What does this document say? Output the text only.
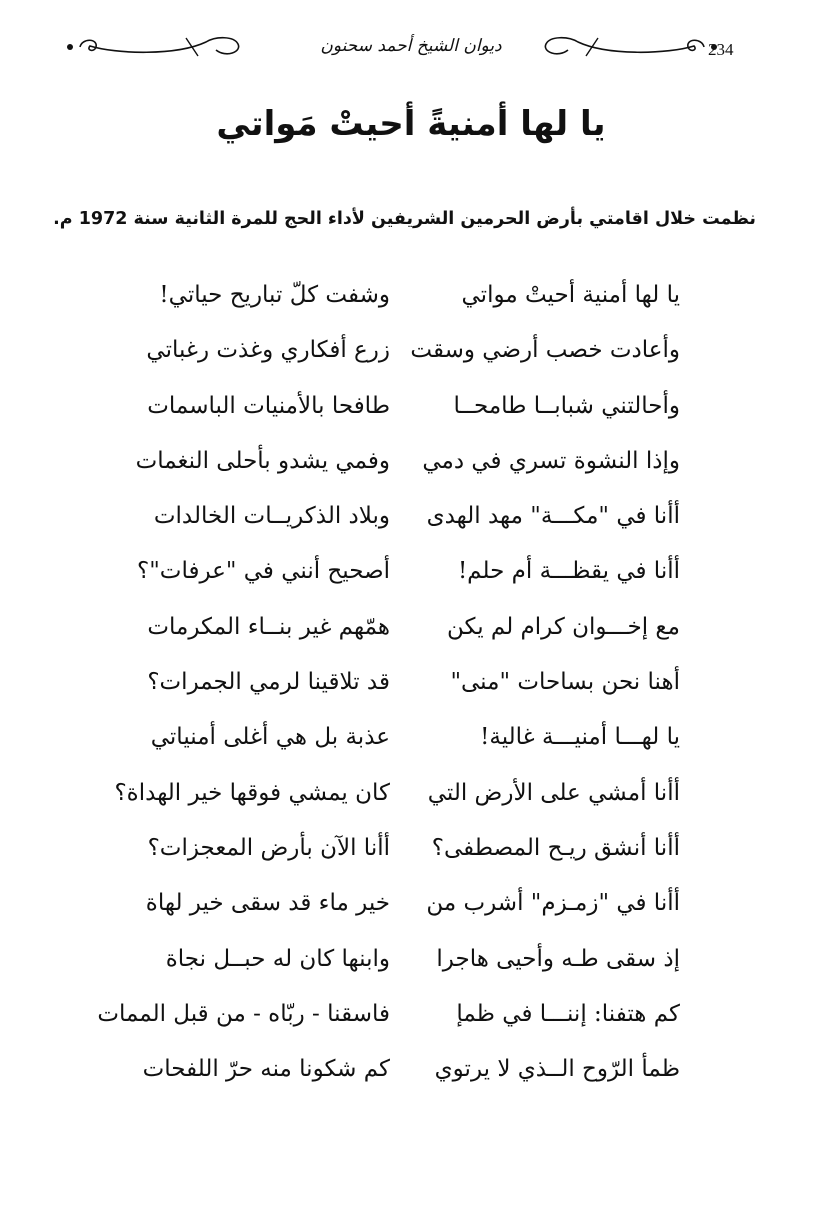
ديوان الشيخ أحمد سحنون	234
يا لها أمنيةً أحيتْ مَواتي
نظمت خلال اقامتي بأرض الحرمين الشريفين لأداء الحج للمرة الثانية سنة 1972 م.
يا لها أمنية أحيتْ مواتي
وشفت كلّ تباريح حياتي!
وأعادت خصب أرضي وسقت
زرع أفكاري وغذت رغباتي
وأحالتني شبابــا طامحــا
طافحا بالأمنيات الباسمات
وإذا النشوة تسري في دمي
وفمي يشدو بأحلى النغمات
أأنا في "مكـــة" مهد الهدى
وبلاد الذكريــات الخالدات
أأنا في يقظـــة أم حلم!
أصحيح أنني في "عرفات"؟
مع إخـــوان كرام لم يكن
همّهم غير بنــاء المكرمات
أهنا نحن بساحات "منى"
قد تلاقينا لرمي الجمرات؟
يا لهـــا أمنيـــة غالية!
عذبة بل هي أغلى أمنياتي
أأنا أمشي على الأرض التي
كان يمشي فوقها خير الهداة؟
أأنا أنشق ريـح المصطفى؟
أأنا الآن بأرض المعجزات؟
أأنا في "زمـزم" أشرب من
خير ماء قد سقى خير لهاة
إذ سقى طـه وأحيى هاجرا
وابنها كان له حبــل نجاة
كم هتفنا: إننـــا في ظمإ
فاسقنا - ربّاه - من قبل الممات
ظمأ الرّوح الــذي لا يرتوي
كم شكونا منه حرّ اللفحات
